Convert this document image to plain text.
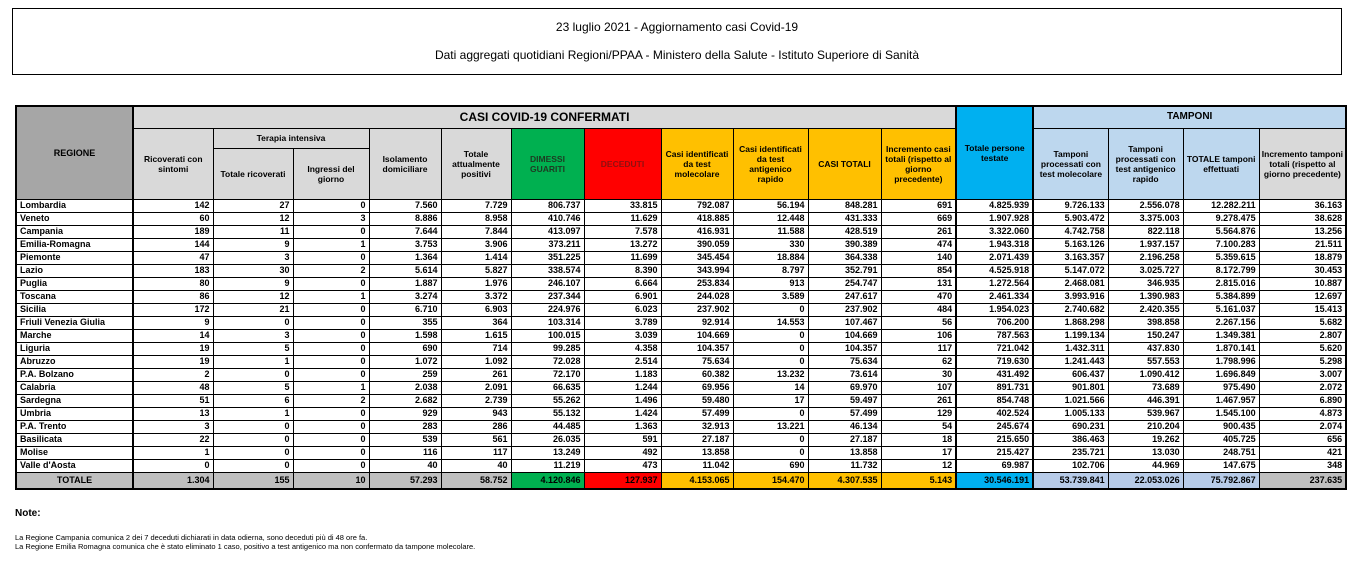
23 luglio 2021 - Aggiornamento casi Covid-19
Dati aggregati quotidiani Regioni/PPAA - Ministero della Salute - Istituto Superiore di Sanità
REGIONE	CASI COVID-19 CONFERMATI											Totale persone testate	TAMPONI			
	Ricoverati con sintomi	Terapia intensiva		Isolamento domiciliare	Totale attualmente positivi	DIMESSI GUARITI	DECEDUTI	Casi identificati da test molecolare	Casi identificati da test antigenico rapido	CASI TOTALI	Incremento casi totali (rispetto al giorno precedente)		Tamponi processati con test molecolare	Tamponi processati con test antigenico rapido	TOTALE tamponi effettuati	Incremento tamponi totali (rispetto al giorno precedente)
		Totale ricoverati	Ingressi del giorno													
Lombardia	142	27	0	7.560	7.729	806.737	33.815	792.087	56.194	848.281	691	4.825.939	9.726.133	2.556.078	12.282.211	36.163
Veneto	60	12	3	8.886	8.958	410.746	11.629	418.885	12.448	431.333	669	1.907.928	5.903.472	3.375.003	9.278.475	38.628
Campania	189	11	0	7.644	7.844	413.097	7.578	416.931	11.588	428.519	261	3.322.060	4.742.758	822.118	5.564.876	13.256
Emilia-Romagna	144	9	1	3.753	3.906	373.211	13.272	390.059	330	390.389	474	1.943.318	5.163.126	1.937.157	7.100.283	21.511
Piemonte	47	3	0	1.364	1.414	351.225	11.699	345.454	18.884	364.338	140	2.071.439	3.163.357	2.196.258	5.359.615	18.879
Lazio	183	30	2	5.614	5.827	338.574	8.390	343.994	8.797	352.791	854	4.525.918	5.147.072	3.025.727	8.172.799	30.453
Puglia	80	9	0	1.887	1.976	246.107	6.664	253.834	913	254.747	131	1.272.564	2.468.081	346.935	2.815.016	10.887
Toscana	86	12	1	3.274	3.372	237.344	6.901	244.028	3.589	247.617	470	2.461.334	3.993.916	1.390.983	5.384.899	12.697
Sicilia	172	21	0	6.710	6.903	224.976	6.023	237.902	0	237.902	484	1.954.023	2.740.682	2.420.355	5.161.037	15.413
Friuli Venezia Giulia	9	0	0	355	364	103.314	3.789	92.914	14.553	107.467	56	706.200	1.868.298	398.858	2.267.156	5.682
Marche	14	3	0	1.598	1.615	100.015	3.039	104.669	0	104.669	106	787.563	1.199.134	150.247	1.349.381	2.807
Liguria	19	5	0	690	714	99.285	4.358	104.357	0	104.357	117	721.042	1.432.311	437.830	1.870.141	5.620
Abruzzo	19	1	0	1.072	1.092	72.028	2.514	75.634	0	75.634	62	719.630	1.241.443	557.553	1.798.996	5.298
P.A. Bolzano	2	0	0	259	261	72.170	1.183	60.382	13.232	73.614	30	431.492	606.437	1.090.412	1.696.849	3.007
Calabria	48	5	1	2.038	2.091	66.635	1.244	69.956	14	69.970	107	891.731	901.801	73.689	975.490	2.072
Sardegna	51	6	2	2.682	2.739	55.262	1.496	59.480	17	59.497	261	854.748	1.021.566	446.391	1.467.957	6.890
Umbria	13	1	0	929	943	55.132	1.424	57.499	0	57.499	129	402.524	1.005.133	539.967	1.545.100	4.873
P.A. Trento	3	0	0	283	286	44.485	1.363	32.913	13.221	46.134	54	245.674	690.231	210.204	900.435	2.074
Basilicata	22	0	0	539	561	26.035	591	27.187	0	27.187	18	215.650	386.463	19.262	405.725	656
Molise	1	0	0	116	117	13.249	492	13.858	0	13.858	17	215.427	235.721	13.030	248.751	421
Valle d'Aosta	0	0	0	40	40	11.219	473	11.042	690	11.732	12	69.987	102.706	44.969	147.675	348
TOTALE	1.304	155	10	57.293	58.752	4.120.846	127.937	4.153.065	154.470	4.307.535	5.143	30.546.191	53.739.841	22.053.026	75.792.867	237.635
Note:
La Regione Campania comunica 2 dei 7 deceduti dichiarati in data odierna, sono deceduti più di 48 ore fa.
La Regione Emilia Romagna comunica che è stato eliminato 1 caso, positivo a test antigenico ma non confermato da tampone molecolare.
